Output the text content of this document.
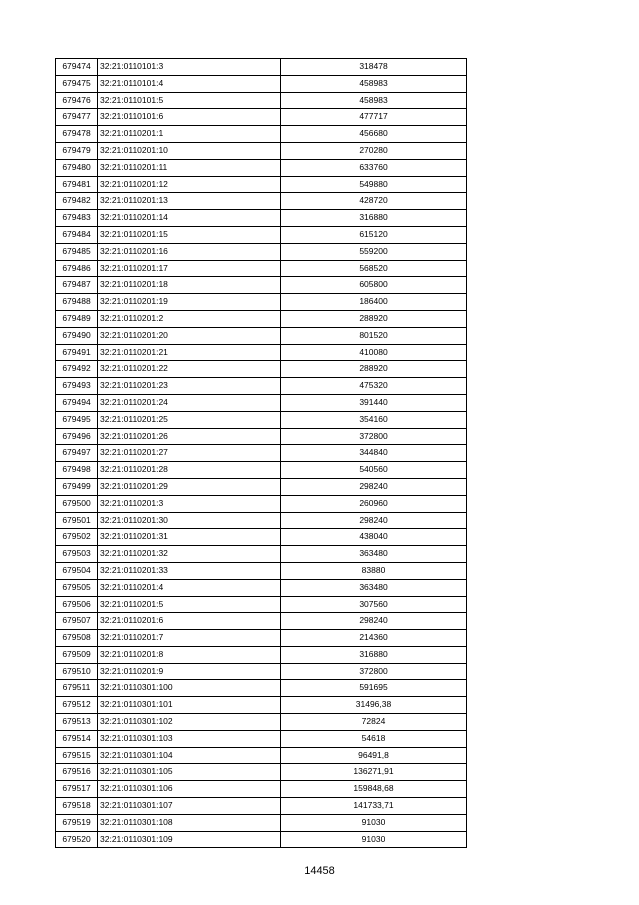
679474	32:21:0110101:3	318478
679475	32:21:0110101:4	458983
679476	32:21:0110101:5	458983
679477	32:21:0110101:6	477717
679478	32:21:0110201:1	456680
679479	32:21:0110201:10	270280
679480	32:21:0110201:11	633760
679481	32:21:0110201:12	549880
679482	32:21:0110201:13	428720
679483	32:21:0110201:14	316880
679484	32:21:0110201:15	615120
679485	32:21:0110201:16	559200
679486	32:21:0110201:17	568520
679487	32:21:0110201:18	605800
679488	32:21:0110201:19	186400
679489	32:21:0110201:2	288920
679490	32:21:0110201:20	801520
679491	32:21:0110201:21	410080
679492	32:21:0110201:22	288920
679493	32:21:0110201:23	475320
679494	32:21:0110201:24	391440
679495	32:21:0110201:25	354160
679496	32:21:0110201:26	372800
679497	32:21:0110201:27	344840
679498	32:21:0110201:28	540560
679499	32:21:0110201:29	298240
679500	32:21:0110201:3	260960
679501	32:21:0110201:30	298240
679502	32:21:0110201:31	438040
679503	32:21:0110201:32	363480
679504	32:21:0110201:33	83880
679505	32:21:0110201:4	363480
679506	32:21:0110201:5	307560
679507	32:21:0110201:6	298240
679508	32:21:0110201:7	214360
679509	32:21:0110201:8	316880
679510	32:21:0110201:9	372800
679511	32:21:0110301:100	591695
679512	32:21:0110301:101	31496,38
679513	32:21:0110301:102	72824
679514	32:21:0110301:103	54618
679515	32:21:0110301:104	96491,8
679516	32:21:0110301:105	136271,91
679517	32:21:0110301:106	159848,68
679518	32:21:0110301:107	141733,71
679519	32:21:0110301:108	91030
679520	32:21:0110301:109	91030
14458
